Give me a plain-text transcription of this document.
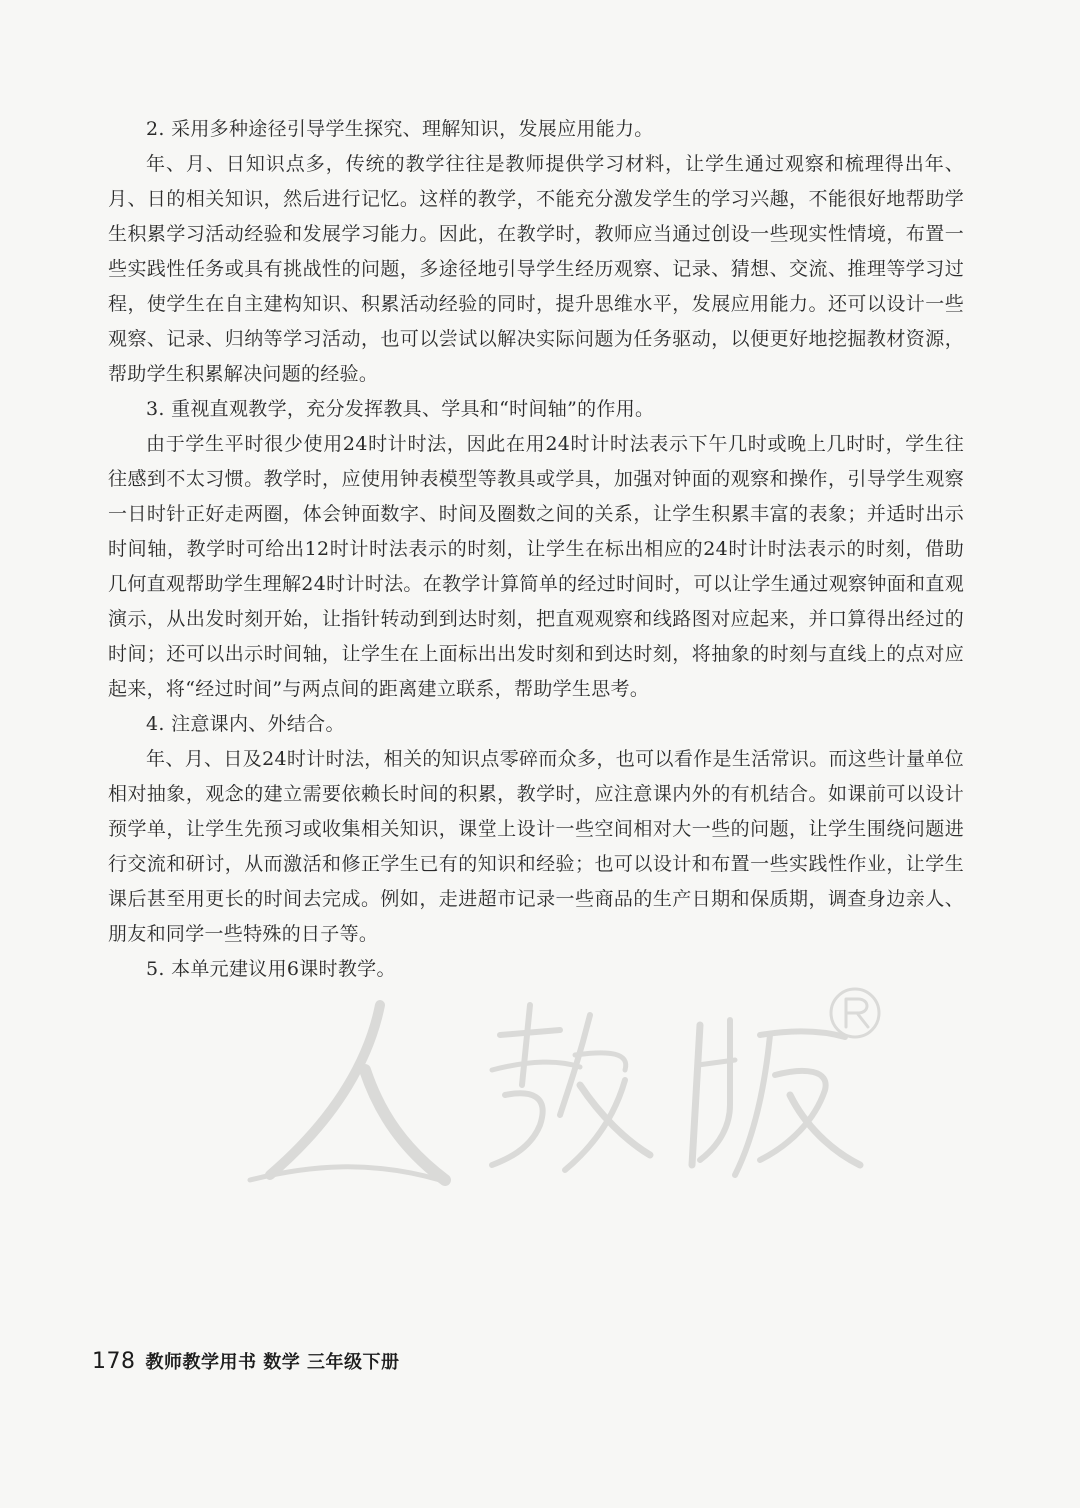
2. 采用多种途径引导学生探究、理解知识，发展应用能力。

年、月、日知识点多，传统的教学往往是教师提供学习材料，让学生通过观察和梳理得出年、月、日的相关知识，然后进行记忆。这样的教学，不能充分激发学生的学习兴趣，不能很好地帮助学生积累学习活动经验和发展学习能力。因此，在教学时，教师应当通过创设一些现实性情境，布置一些实践性任务或具有挑战性的问题，多途径地引导学生经历观察、记录、猜想、交流、推理等学习过程，使学生在自主建构知识、积累活动经验的同时，提升思维水平，发展应用能力。还可以设计一些观察、记录、归纳等学习活动，也可以尝试以解决实际问题为任务驱动，以便更好地挖掘教材资源，帮助学生积累解决问题的经验。

3. 重视直观教学，充分发挥教具、学具和“时间轴”的作用。

由于学生平时很少使用24时计时法，因此在用24时计时法表示下午几时或晚上几时时，学生往往感到不太习惯。教学时，应使用钟表模型等教具或学具，加强对钟面的观察和操作，引导学生观察一日时针正好走两圈，体会钟面数字、时间及圈数之间的关系，让学生积累丰富的表象；并适时出示时间轴，教学时可给出12时计时法表示的时刻，让学生在标出相应的24时计时法表示的时刻，借助几何直观帮助学生理解24时计时法。在教学计算简单的经过时间时，可以让学生通过观察钟面和直观演示，从出发时刻开始，让指针转动到到达时刻，把直观观察和线路图对应起来，并口算得出经过的时间；还可以出示时间轴，让学生在上面标出出发时刻和到达时刻，将抽象的时刻与直线上的点对应起来，将“经过时间”与两点间的距离建立联系，帮助学生思考。

4. 注意课内、外结合。

年、月、日及24时计时法，相关的知识点零碎而众多，也可以看作是生活常识。而这些计量单位相对抽象，观念的建立需要依赖长时间的积累，教学时，应注意课内外的有机结合。如课前可以设计预学单，让学生先预习或收集相关知识，课堂上设计一些空间相对大一些的问题，让学生围绕问题进行交流和研讨，从而激活和修正学生已有的知识和经验；也可以设计和布置一些实践性作业，让学生课后甚至用更长的时间去完成。例如，走进超市记录一些商品的生产日期和保质期，调查身边亲人、朋友和同学一些特殊的日子等。

5. 本单元建议用6课时教学。

178 教师教学用书 数学 三年级下册
